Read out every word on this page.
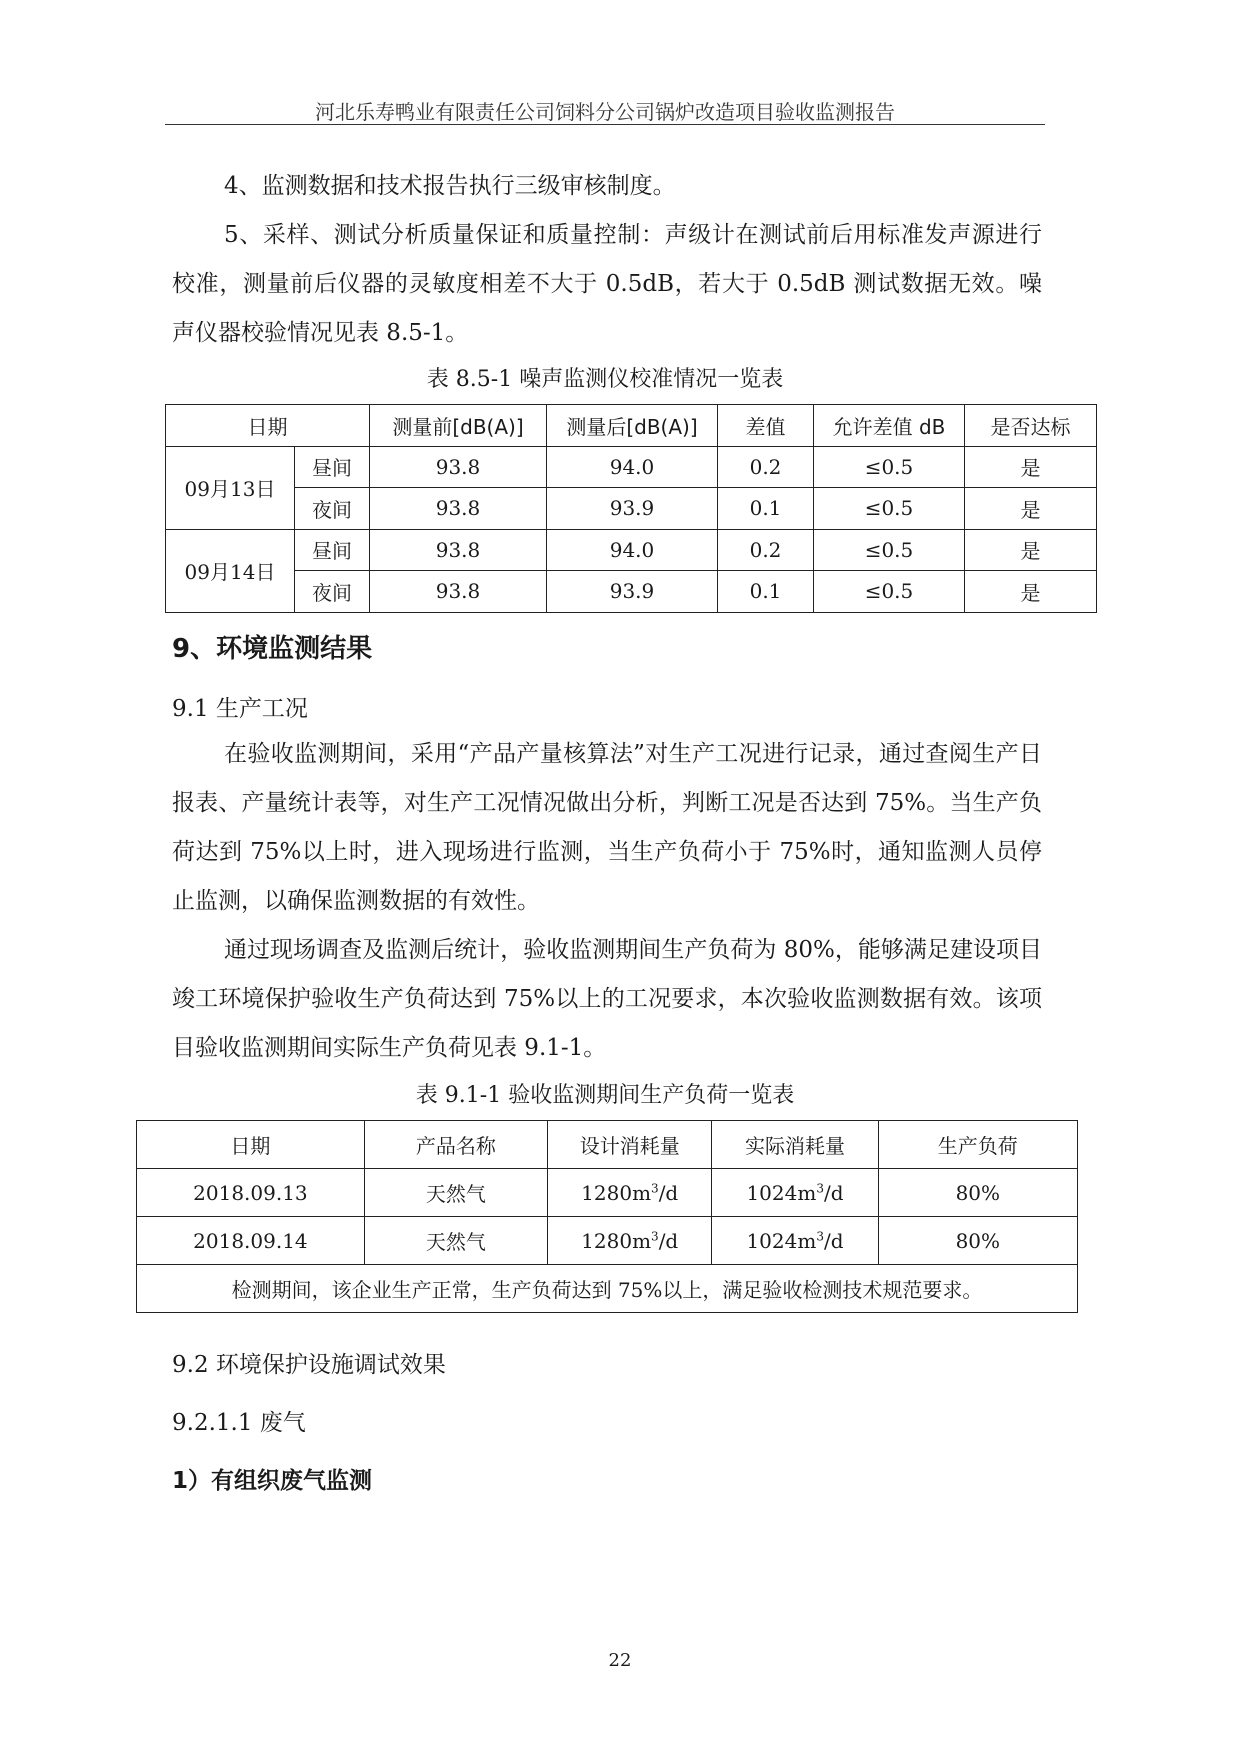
河北乐寿鸭业有限责任公司饲料分公司锅炉改造项目验收监测报告

4、监测数据和技术报告执行三级审核制度。

5、采样、测试分析质量保证和质量控制：声级计在测试前后用标准发声源进行校准，测量前后仪器的灵敏度相差不大于 0.5dB，若大于 0.5dB 测试数据无效。噪声仪器校验情况见表 8.5-1。

表 8.5-1 噪声监测仪校准情况一览表
日期		测量前[dB(A)]	测量后[dB(A)]	差值	允许差值 dB	是否达标
09月13日	昼间	93.8	94.0	0.2	≤0.5	是
	夜间	93.8	93.9	0.1	≤0.5	是
09月14日	昼间	93.8	94.0	0.2	≤0.5	是
	夜间	93.8	93.9	0.1	≤0.5	是
9、环境监测结果
9.1 生产工况

在验收监测期间，采用“产品产量核算法”对生产工况进行记录，通过查阅生产日报表、产量统计表等，对生产工况情况做出分析，判断工况是否达到 75%。当生产负荷达到 75%以上时，进入现场进行监测，当生产负荷小于 75%时，通知监测人员停止监测，以确保监测数据的有效性。

通过现场调查及监测后统计，验收监测期间生产负荷为 80%，能够满足建设项目竣工环境保护验收生产负荷达到 75%以上的工况要求，本次验收监测数据有效。该项目验收监测期间实际生产负荷见表 9.1-1。

表 9.1-1 验收监测期间生产负荷一览表
日期	产品名称	设计消耗量	实际消耗量	生产负荷
2018.09.13	天然气	$1280m^3/d$	$1024m^3/d$	80%
2018.09.14	天然气	$1280m^3/d$	$1024m^3/d$	80%
检测期间，该企业生产正常，生产负荷达到 75%以上，满足验收检测技术规范要求。				
9.2 环境保护设施调试效果
9.2.1.1 废气
1）有组织废气监测
22
